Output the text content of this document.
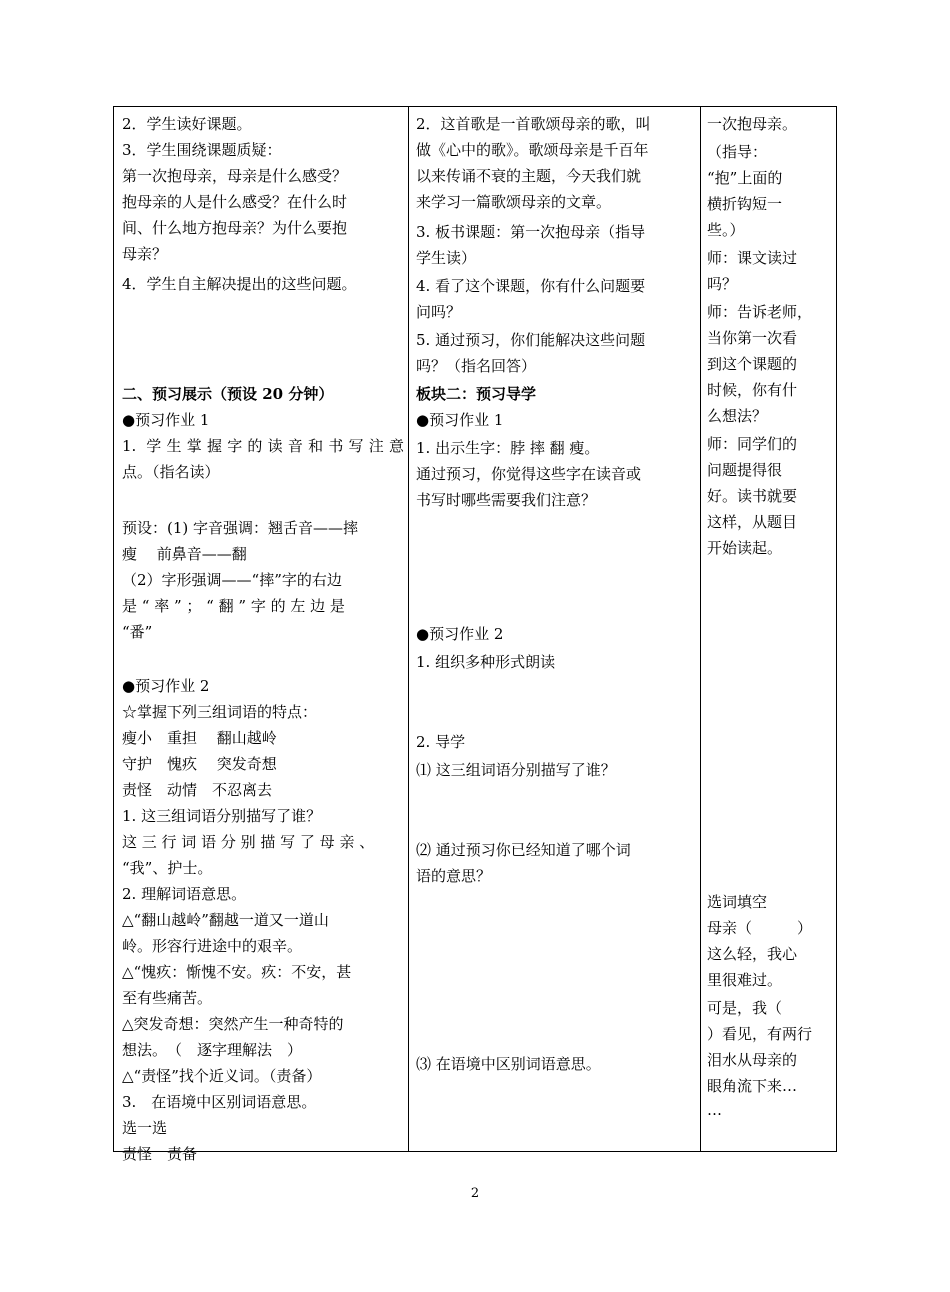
2．学生读好课题。
3．学生围绕课题质疑：
第一次抱母亲，母亲是什么感受？
抱母亲的人是什么感受？在什么时
间、什么地方抱母亲？为什么要抱
母亲？
4．学生自主解决提出的这些问题。
二、预习展示（预设 20 分钟）
●预习作业 1
1. 学生掌握字的读音和书写注意
点。（指名读）
预设：(1) 字音强调：翘舌音——摔
瘦　 前鼻音——翻
（2）字形强调——“摔”字的右边
是 “ 率 ” ； “ 翻 ” 字 的 左 边 是
“番”
●预习作业 2
☆掌握下列三组词语的特点：
瘦小　重担　 翻山越岭
守护　愧疚　 突发奇想
责怪　动情　不忍离去
1. 这三组词语分别描写了谁？
这 三 行 词 语 分 别 描 写 了 母 亲 、
“我”、护士。
2. 理解词语意思。
△“翻山越岭”翻越一道又一道山
岭。形容行进途中的艰辛。
△“愧疚：惭愧不安。疚：不安，甚
至有些痛苦。
△突发奇想：突然产生一种奇特的
想法。　（　逐字理解法　）
△“责怪”找个近义词。（责备）
3.　在语境中区别词语意思。
选一选
责怪　责备
2．这首歌是一首歌颂母亲的歌，叫
做《心中的歌》。歌颂母亲是千百年
以来传诵不衰的主题，今天我们就
来学习一篇歌颂母亲的文章。
3. 板书课题：第一次抱母亲（指导
学生读）
4. 看了这个课题，你有什么问题要
问吗？
5. 通过预习，你们能解决这些问题
吗？（指名回答）
板块二：预习导学
●预习作业 1
1. 出示生字：脖 摔 翻 瘦。
通过预习，你觉得这些字在读音或
书写时哪些需要我们注意？
●预习作业 2
1. 组织多种形式朗读
2. 导学
⑴ 这三组词语分别描写了谁？
⑵ 通过预习你已经知道了哪个词
语的意思？
⑶ 在语境中区别词语意思。
一次抱母亲。
（指导：
“抱”上面的
横折钩短一
些。）
师：课文读过
吗？
师：告诉老师，
当你第一次看
到这个课题的
时候，你有什
么想法？
师：同学们的
问题提得很
好。读书就要
这样，从题目
开始读起。
选词填空
母亲（　　　）
这么轻，我心
里很难过。
可是，我（
）看见，有两行
泪水从母亲的
眼角流下来…
…
2
